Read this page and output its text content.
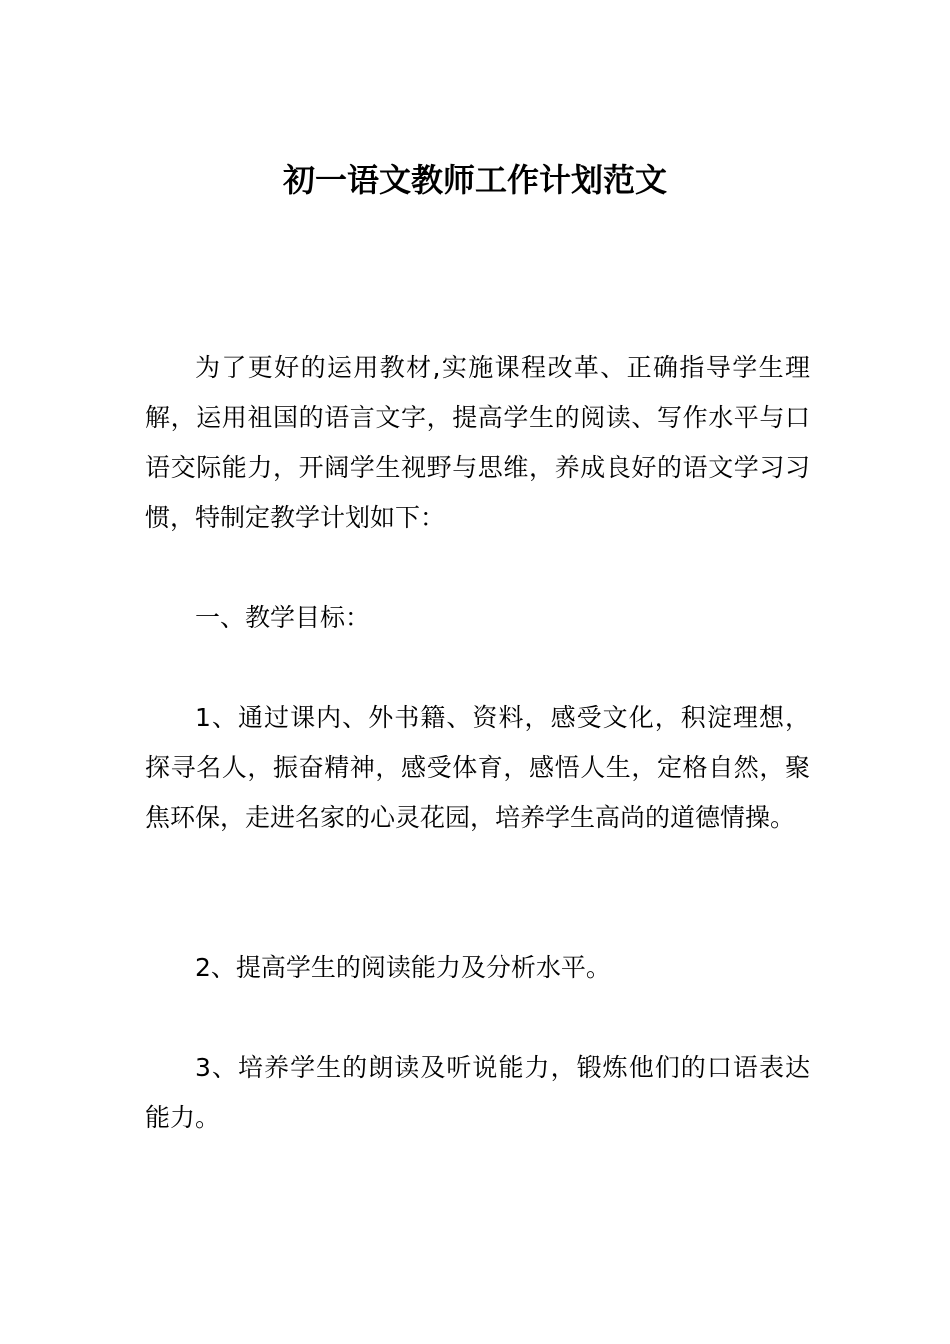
初一语文教师工作计划范文

为了更好的运用教材,实施课程改革、正确指导学生理解，运用祖国的语言文字，提高学生的阅读、写作水平与口语交际能力，开阔学生视野与思维，养成良好的语文学习习惯，特制定教学计划如下：

一、教学目标：

1、通过课内、外书籍、资料，感受文化，积淀理想，探寻名人，振奋精神，感受体育，感悟人生，定格自然，聚焦环保，走进名家的心灵花园，培养学生高尚的道德情操。

2、提高学生的阅读能力及分析水平。

3、培养学生的朗读及听说能力，锻炼他们的口语表达能力。
